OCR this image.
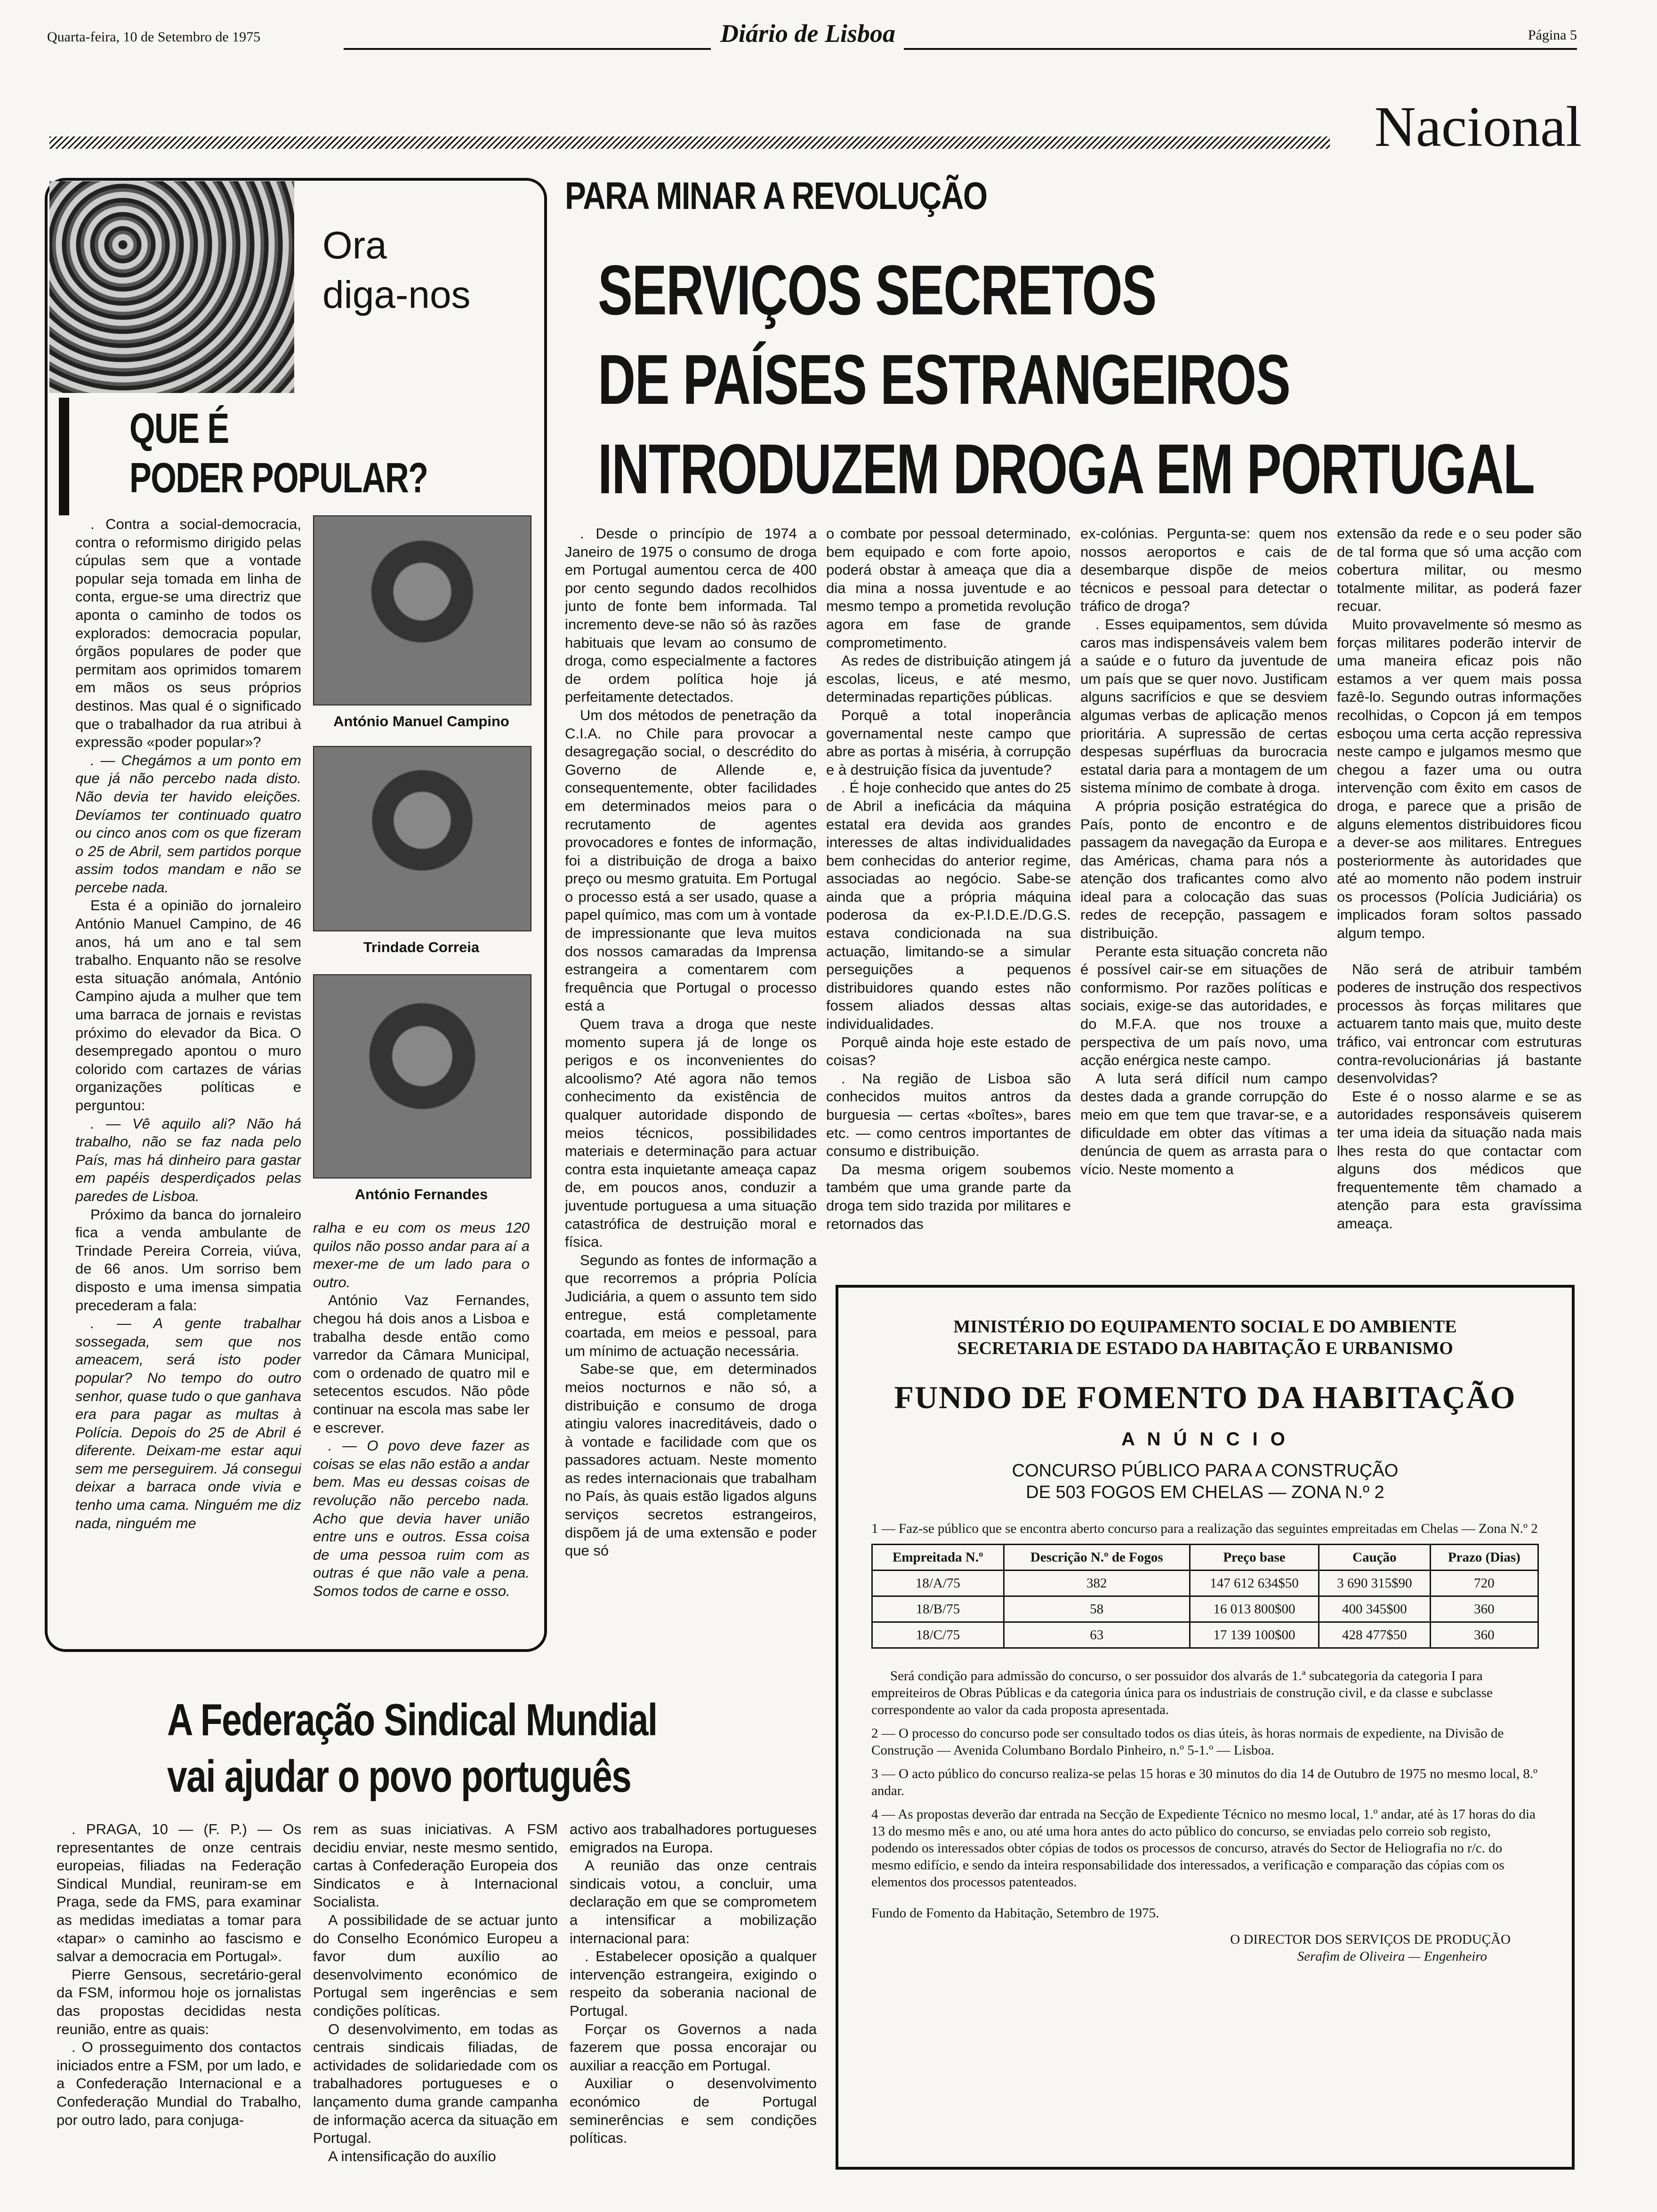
Quarta-feira, 10 de Setembro de 1975	Diário de Lisboa	Página 5
Nacional
Ora
diga-nos
QUE É
PODER POPULAR?

. Contra a social-democracia, contra o reformismo dirigido pelas cúpulas sem que a vontade popular seja tomada em linha de conta, ergue-se uma directriz que aponta o caminho de todos os explorados: democracia popular, órgãos populares de poder que permitam aos oprimidos tomarem em mãos os seus próprios destinos. Mas qual é o significado que o trabalhador da rua atribui à expressão «poder popular»?

. — Chegámos a um ponto em que já não percebo nada disto. Não devia ter havido eleições. Devíamos ter continuado quatro ou cinco anos com os que fizeram o 25 de Abril, sem partidos porque assim todos mandam e não se percebe nada.

Esta é a opinião do jornaleiro António Manuel Campino, de 46 anos, há um ano e tal sem trabalho. Enquanto não se resolve esta situação anómala, António Campino ajuda a mulher que tem uma barraca de jornais e revistas próximo do elevador da Bica. O desempregado apontou o muro colorido com cartazes de várias organizações políticas e perguntou:

. — Vê aquilo ali? Não há trabalho, não se faz nada pelo País, mas há dinheiro para gastar em papéis desperdiçados pelas paredes de Lisboa.

Próximo da banca do jornaleiro fica a venda ambulante de Trindade Pereira Correia, viúva, de 66 anos. Um sorriso bem disposto e uma imensa simpatia precederam a fala:

. — A gente trabalhar sossegada, sem que nos ameacem, será isto poder popular? No tempo do outro senhor, quase tudo o que ganhava era para pagar as multas à Polícia. Depois do 25 de Abril é diferente. Deixam-me estar aqui sem me perseguirem. Já consegui deixar a barraca onde vivia e tenho uma cama. Ninguém me diz nada, ninguém me

António Manuel Campino
Trindade Correia
António Fernandes

ralha e eu com os meus 120 quilos não posso andar para aí a mexer-me de um lado para o outro.

António Vaz Fernandes, chegou há dois anos a Lisboa e trabalha desde então como varredor da Câmara Municipal, com o ordenado de quatro mil e setecentos escudos. Não pôde continuar na escola mas sabe ler e escrever.

. — O povo deve fazer as coisas se elas não estão a andar bem. Mas eu dessas coisas de revolução não percebo nada. Acho que devia haver união entre uns e outros. Essa coisa de uma pessoa ruim com as outras é que não vale a pena. Somos todos de carne e osso.

PARA MINAR A REVOLUÇÃO
SERVIÇOS SECRETOS
DE PAÍSES ESTRANGEIROS
INTRODUZEM DROGA EM PORTUGAL

. Desde o princípio de 1974 a Janeiro de 1975 o consumo de droga em Portugal aumentou cerca de 400 por cento segundo dados recolhidos junto de fonte bem informada. Tal incremento deve-se não só às razões habituais que levam ao consumo de droga, como especialmente a factores de ordem política hoje já perfeitamente detectados.

Um dos métodos de penetração da C.I.A. no Chile para provocar a desagregação social, o descrédito do Governo de Allende e, consequentemente, obter facilidades em determinados meios para o recrutamento de agentes provocadores e fontes de informação, foi a distribuição de droga a baixo preço ou mesmo gratuita. Em Portugal o processo está a ser usado, quase a papel químico, mas com um à vontade de impressionante que leva muitos dos nossos camaradas da Imprensa estrangeira a comentarem com frequência que Portugal o processo está a

Quem trava a droga que neste momento supera já de longe os perigos e os inconvenientes do alcoolismo? Até agora não temos conhecimento da existência de qualquer autoridade dispondo de meios técnicos, possibilidades materiais e determinação para actuar contra esta inquietante ameaça capaz de, em poucos anos, conduzir a juventude portuguesa a uma situação catastrófica de destruição moral e física.

Segundo as fontes de informação a que recorremos a própria Polícia Judiciária, a quem o assunto tem sido entregue, está completamente coartada, em meios e pessoal, para um mínimo de actuação necessária.

Sabe-se que, em determinados meios nocturnos e não só, a distribuição e consumo de droga atingiu valores inacreditáveis, dado o à vontade e facilidade com que os passadores actuam. Neste momento as redes internacionais que trabalham no País, às quais estão ligados alguns serviços secretos estrangeiros, dispõem já de uma extensão e poder que só

o combate por pessoal determinado, bem equipado e com forte apoio, poderá obstar à ameaça que dia a dia mina a nossa juventude e ao mesmo tempo a prometida revolução agora em fase de grande comprometimento.

As redes de distribuição atingem já escolas, liceus, e até mesmo, determinadas repartições públicas.

Porquê a total inoperância governamental neste campo que abre as portas à miséria, à corrupção e à destruição física da juventude?

. É hoje conhecido que antes do 25 de Abril a ineficácia da máquina estatal era devida aos grandes interesses de altas individualidades bem conhecidas do anterior regime, associadas ao negócio. Sabe-se ainda que a própria máquina poderosa da ex-P.I.D.E./D.G.S. estava condicionada na sua actuação, limitando-se a simular perseguições a pequenos distribuidores quando estes não fossem aliados dessas altas individualidades.

Porquê ainda hoje este estado de coisas?

. Na região de Lisboa são conhecidos muitos antros da burguesia — certas «boîtes», bares etc. — como centros importantes de consumo e distribuição.

Da mesma origem soubemos também que uma grande parte da droga tem sido trazida por militares e retornados das

ex-colónias. Pergunta-se: quem nos nossos aeroportos e cais de desembarque dispõe de meios técnicos e pessoal para detectar o tráfico de droga?

. Esses equipamentos, sem dúvida caros mas indispensáveis valem bem a saúde e o futuro da juventude de um país que se quer novo. Justificam alguns sacrifícios e que se desviem algumas verbas de aplicação menos prioritária. A supressão de certas despesas supérfluas da burocracia estatal daria para a montagem de um sistema mínimo de combate à droga.

A própria posição estratégica do País, ponto de encontro e de passagem da navegação da Europa e das Américas, chama para nós a atenção dos traficantes como alvo ideal para a colocação das suas redes de recepção, passagem e distribuição.

Perante esta situação concreta não é possível cair-se em situações de conformismo. Por razões políticas e sociais, exige-se das autoridades, e do M.F.A. que nos trouxe a perspectiva de um país novo, uma acção enérgica neste campo.

A luta será difícil num campo destes dada a grande corrupção do meio em que tem que travar-se, e a dificuldade em obter das vítimas a denúncia de quem as arrasta para o vício. Neste momento a

extensão da rede e o seu poder são de tal forma que só uma acção com cobertura militar, ou mesmo totalmente militar, as poderá fazer recuar.

Muito provavelmente só mesmo as forças militares poderão intervir de uma maneira eficaz pois não estamos a ver quem mais possa fazê-lo. Segundo outras informações recolhidas, o Copcon já em tempos esboçou uma certa acção repressiva neste campo e julgamos mesmo que chegou a fazer uma ou outra intervenção com êxito em casos de droga, e parece que a prisão de alguns elementos distribuidores ficou a dever-se aos militares. Entregues posteriormente às autoridades que até ao momento não podem instruir os processos (Polícia Judiciária) os implicados foram soltos passado algum tempo.

Não será de atribuir também poderes de instrução dos respectivos processos às forças militares que actuarem tanto mais que, muito deste tráfico, vai entroncar com estruturas contra-revolucionárias já bastante desenvolvidas?

Este é o nosso alarme e se as autoridades responsáveis quiserem ter uma ideia da situação nada mais lhes resta do que contactar com alguns dos médicos que frequentemente têm chamado a atenção para esta gravíssima ameaça.

A Federação Sindical Mundial
vai ajudar o povo português

. PRAGA, 10 — (F. P.) — Os representantes de onze centrais europeias, filiadas na Federação Sindical Mundial, reuniram-se em Praga, sede da FMS, para examinar as medidas imediatas a tomar para «tapar» o caminho ao fascismo e salvar a democracia em Portugal».

Pierre Gensous, secretário-geral da FSM, informou hoje os jornalistas das propostas decididas nesta reunião, entre as quais:

. O prosseguimento dos contactos iniciados entre a FSM, por um lado, e a Confederação Internacional e a Confederação Mundial do Trabalho, por outro lado, para conjuga-

rem as suas iniciativas. A FSM decidiu enviar, neste mesmo sentido, cartas à Confederação Europeia dos Sindicatos e à Internacional Socialista.

A possibilidade de se actuar junto do Conselho Económico Europeu a favor dum auxílio ao desenvolvimento económico de Portugal sem ingerências e sem condições políticas.

O desenvolvimento, em todas as centrais sindicais filiadas, de actividades de solidariedade com os trabalhadores portugueses e o lançamento duma grande campanha de informação acerca da situação em Portugal.

A intensificação do auxílio

activo aos trabalhadores portugueses emigrados na Europa.

A reunião das onze centrais sindicais votou, a concluir, uma declaração em que se comprometem a intensificar a mobilização internacional para:

. Estabelecer oposição a qualquer intervenção estrangeira, exigindo o respeito da soberania nacional de Portugal.

Forçar os Governos a nada fazerem que possa encorajar ou auxiliar a reacção em Portugal.

Auxiliar o desenvolvimento económico de Portugal seminerências e sem condições políticas.

MINISTÉRIO DO EQUIPAMENTO SOCIAL E DO AMBIENTE
SECRETARIA DE ESTADO DA HABITAÇÃO E URBANISMO
FUNDO DE FOMENTO DA HABITAÇÃO
A N Ú N C I O
CONCURSO PÚBLICO PARA A CONSTRUÇÃO
DE 503 FOGOS EM CHELAS — ZONA N.º 2

1 — Faz-se público que se encontra aberto concurso para a realização das seguintes empreitadas em Chelas — Zona N.º 2

Empreitada N.º	Descrição N.º de Fogos	Preço base	Caução	Prazo (Dias)
18/A/75	382	147 612 634$50	3 690 315$90	720
18/B/75	58	16 013 800$00	400 345$00	360
18/C/75	63	17 139 100$00	428 477$50	360

Será condição para admissão do concurso, o ser possuidor dos alvarás de 1.ª subcategoria da categoria I para empreiteiros de Obras Públicas e da categoria única para os industriais de construção civil, e da classe e subclasse correspondente ao valor da cada proposta apresentada.

2 — O processo do concurso pode ser consultado todos os dias úteis, às horas normais de expediente, na Divisão de Construção — Avenida Columbano Bordalo Pinheiro, n.º 5-1.º — Lisboa.

3 — O acto público do concurso realiza-se pelas 15 horas e 30 minutos do dia 14 de Outubro de 1975 no mesmo local, 8.º andar.

4 — As propostas deverão dar entrada na Secção de Expediente Técnico no mesmo local, 1.º andar, até às 17 horas do dia 13 do mesmo mês e ano, ou até uma hora antes do acto público do concurso, se enviadas pelo correio sob registo, podendo os interessados obter cópias de todos os processos de concurso, através do Sector de Heliografia no r/c. do mesmo edifício, e sendo da inteira responsabilidade dos interessados, a verificação e comparação das cópias com os elementos dos processos patenteados.

Fundo de Fomento da Habitação, Setembro de 1975.

O DIRECTOR DOS SERVIÇOS DE PRODUÇÃO
Serafim de Oliveira — Engenheiro
